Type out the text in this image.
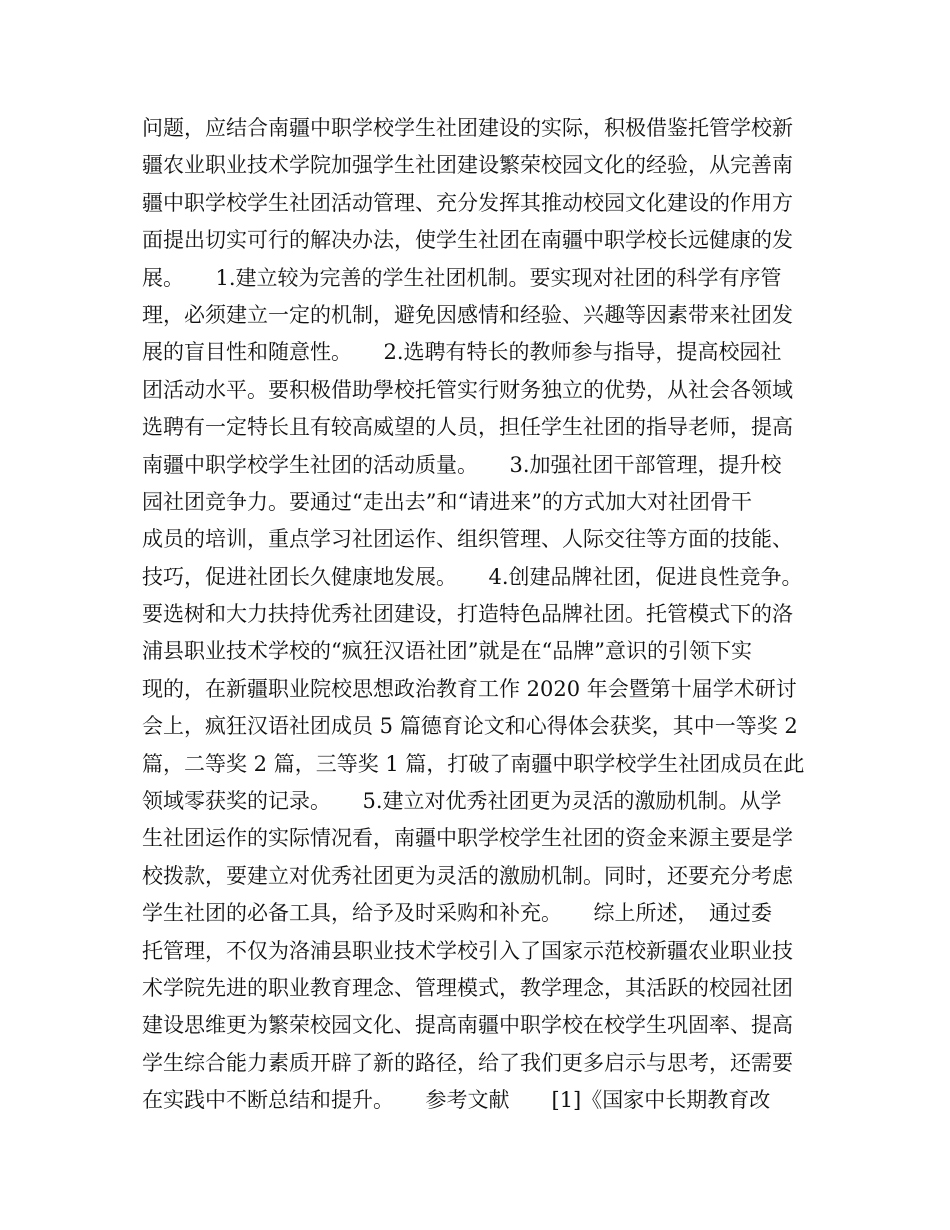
问题，应结合南疆中职学校学生社团建设的实际，积极借鉴托管学校新

疆农业职业技术学院加强学生社团建设繁荣校园文化的经验，从完善南

疆中职学校学生社团活动管理、充分发挥其推动校园文化建设的作用方

面提出切实可行的解决办法，使学生社团在南疆中职学校长远健康的发

展。　　1.建立较为完善的学生社团机制。要实现对社团的科学有序管

理，必须建立一定的机制，避免因感情和经验、兴趣等因素带来社团发

展的盲目性和随意性。　　2.选聘有特长的教师参与指导，提高校园社

团活动水平。要积极借助學校托管实行财务独立的优势，从社会各领域

选聘有一定特长且有较高威望的人员，担任学生社团的指导老师，提高

南疆中职学校学生社团的活动质量。　　3.加强社团干部管理，提升校

园社团竞争力。要通过“走出去”和“请进来”的方式加大对社团骨干

成员的培训，重点学习社团运作、组织管理、人际交往等方面的技能、

技巧，促进社团长久健康地发展。　　4.创建品牌社团，促进良性竞争。

要选树和大力扶持优秀社团建设，打造特色品牌社团。托管模式下的洛

浦县职业技术学校的“疯狂汉语社团”就是在“品牌”意识的引领下实

现的，在新疆职业院校思想政治教育工作 2020 年会暨第十届学术研讨

会上，疯狂汉语社团成员 5 篇德育论文和心得体会获奖，其中一等奖 2

篇，二等奖 2 篇，三等奖 1 篇，打破了南疆中职学校学生社团成员在此

领域零获奖的记录。　　5.建立对优秀社团更为灵活的激励机制。从学

生社团运作的实际情况看，南疆中职学校学生社团的资金来源主要是学

校拨款，要建立对优秀社团更为灵活的激励机制。同时，还要充分考虑

学生社团的必备工具，给予及时采购和补充。　　综上所述，　通过委

托管理，不仅为洛浦县职业技术学校引入了国家示范校新疆农业职业技

术学院先进的职业教育理念、管理模式，教学理念，其活跃的校园社团

建设思维更为繁荣校园文化、提高南疆中职学校在校学生巩固率、提高

学生综合能力素质开辟了新的路径，给了我们更多启示与思考，还需要

在实践中不断总结和提升。　　参考文献　　[1]《国家中长期教育改
